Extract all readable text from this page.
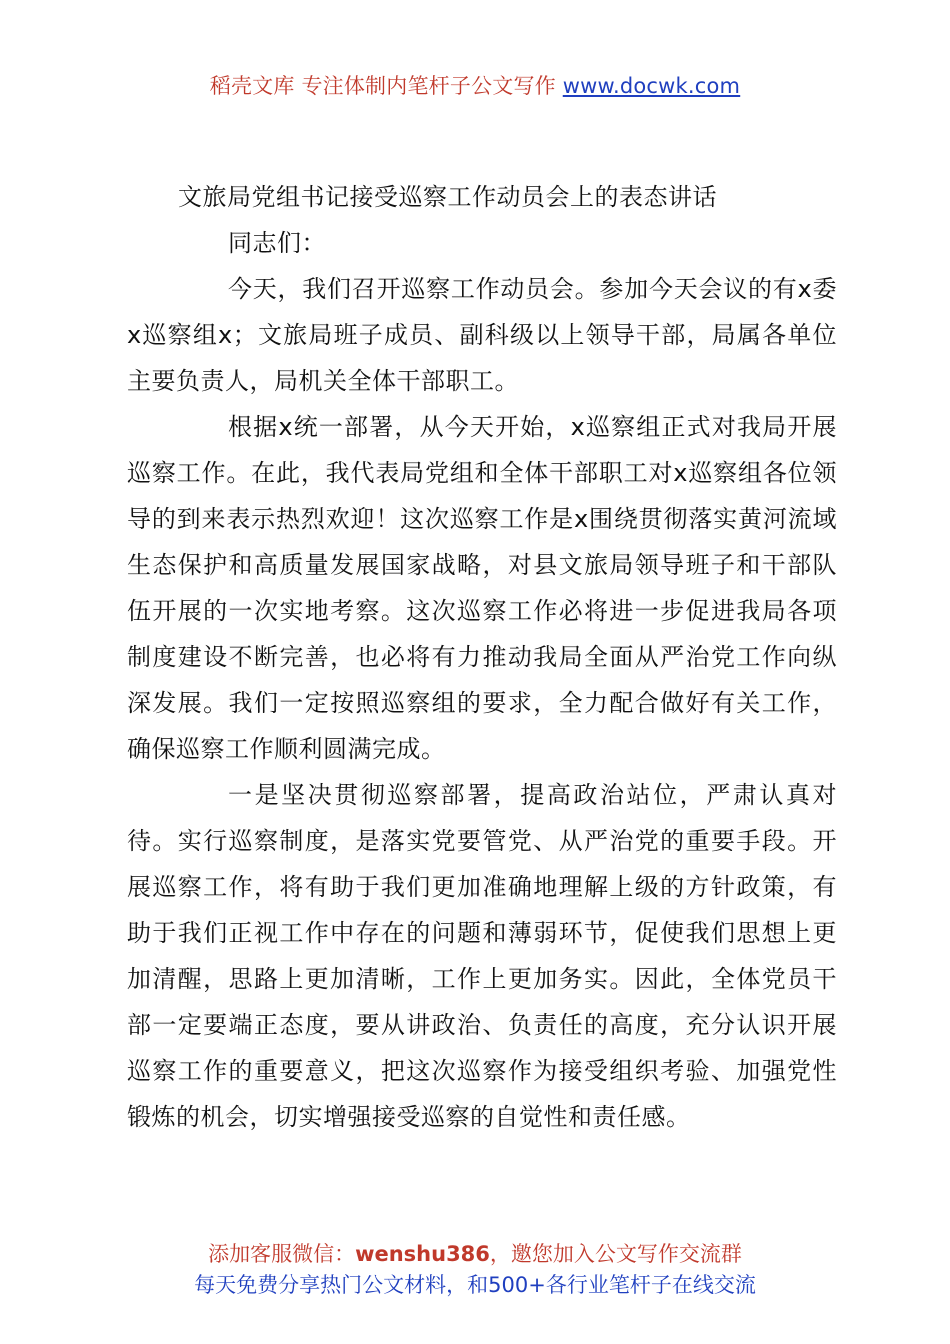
稻壳文库 专注体制内笔杆子公文写作 www.docwk.com
文旅局党组书记接受巡察工作动员会上的表态讲话

同志们：

今天，我们召开巡察工作动员会。参加今天会议的有x委x巡察组x；文旅局班子成员、副科级以上领导干部，局属各单位主要负责人，局机关全体干部职工。

根据x统一部署，从今天开始，x巡察组正式对我局开展巡察工作。在此，我代表局党组和全体干部职工对x巡察组各位领导的到来表示热烈欢迎！这次巡察工作是x围绕贯彻落实黄河流域生态保护和高质量发展国家战略，对县文旅局领导班子和干部队伍开展的一次实地考察。这次巡察工作必将进一步促进我局各项制度建设不断完善，也必将有力推动我局全面从严治党工作向纵深发展。我们一定按照巡察组的要求，全力配合做好有关工作，确保巡察工作顺利圆满完成。

一是坚决贯彻巡察部署，提高政治站位，严肃认真对待。实行巡察制度，是落实党要管党、从严治党的重要手段。开展巡察工作，将有助于我们更加准确地理解上级的方针政策，有助于我们正视工作中存在的问题和薄弱环节，促使我们思想上更加清醒，思路上更加清晰，工作上更加务实。因此，全体党员干部一定要端正态度，要从讲政治、负责任的高度，充分认识开展巡察工作的重要意义，把这次巡察作为接受组织考验、加强党性锻炼的机会，切实增强接受巡察的自觉性和责任感。

添加客服微信：wenshu386，邀您加入公文写作交流群
每天免费分享热门公文材料，和500+各行业笔杆子在线交流
